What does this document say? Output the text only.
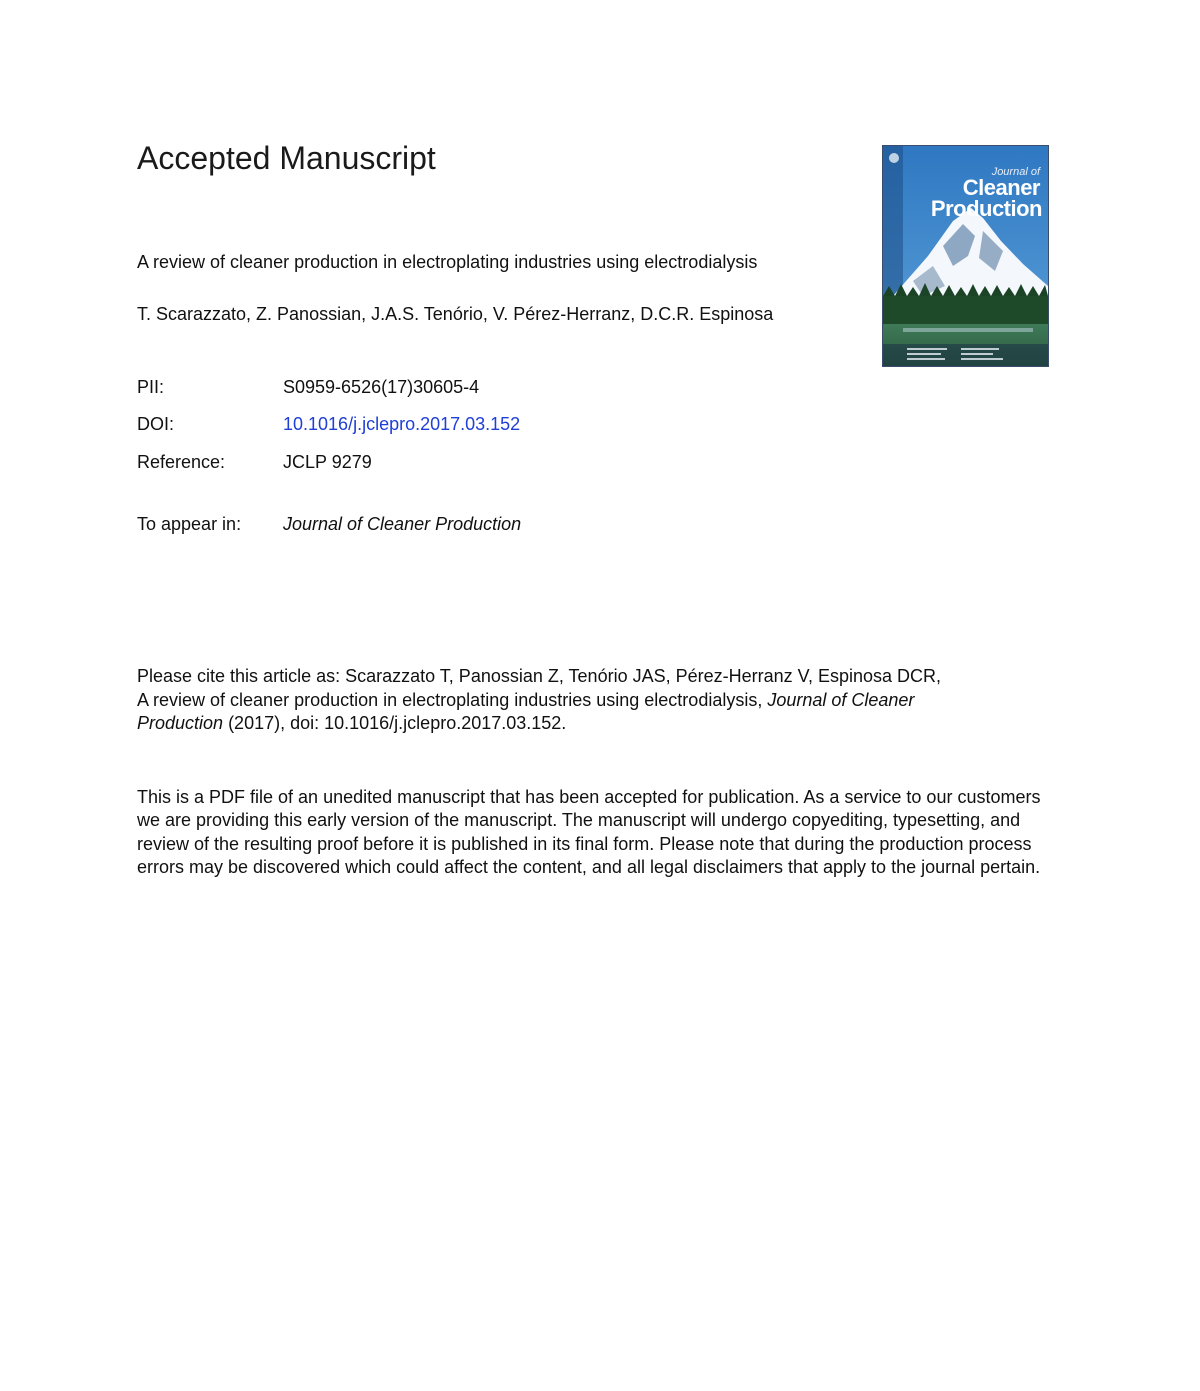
Accepted Manuscript
A review of cleaner production in electroplating industries using electrodialysis
T. Scarazzato, Z. Panossian, J.A.S. Tenório, V. Pérez-Herranz, D.C.R. Espinosa
PII:	S0959-6526(17)30605-4
DOI:	10.1016/j.jclepro.2017.03.152
Reference:	JCLP 9279
To appear in:	Journal of Cleaner Production
Please cite this article as: Scarazzato T, Panossian Z, Tenório JAS, Pérez-Herranz V, Espinosa DCR,
A review of cleaner production in electroplating industries using electrodialysis, Journal of Cleaner
Production (2017), doi: 10.1016/j.jclepro.2017.03.152.
This is a PDF file of an unedited manuscript that has been accepted for publication. As a service to our customers we are providing this early version of the manuscript. The manuscript will undergo copyediting, typesetting, and review of the resulting proof before it is published in its final form. Please note that during the production process errors may be discovered which could affect the content, and all legal disclaimers that apply to the journal pertain.
Journal of
Cleaner
Production
